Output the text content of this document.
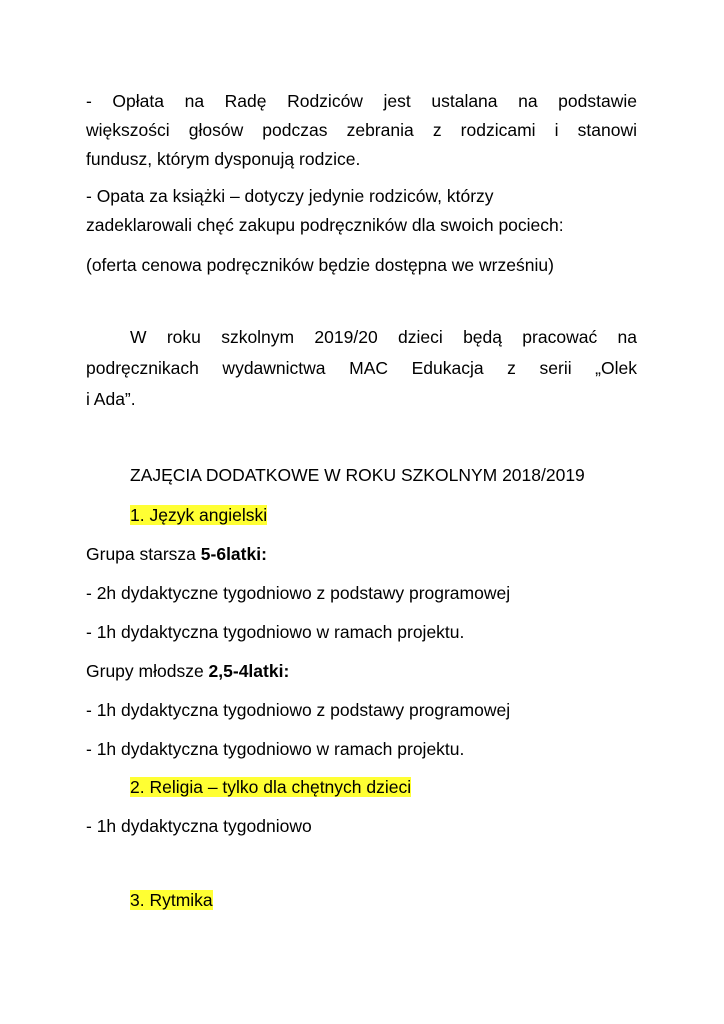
- Opłata na Radę Rodziców jest ustalana na podstawie
większości głosów podczas zebrania z rodzicami i stanowi
fundusz, którym dysponują rodzice.
- Opata za książki – dotyczy jedynie rodziców, którzy
zadeklarowali chęć zakupu podręczników dla swoich pociech:
(oferta cenowa podręczników będzie dostępna we wrześniu)
W roku szkolnym 2019/20 dzieci będą pracować na
podręcznikach wydawnictwa MAC Edukacja z serii „Olek
i Ada”.
ZAJĘCIA DODATKOWE W ROKU SZKOLNYM 2018/2019
1. Język angielski
Grupa starsza 5-6latki:
- 2h dydaktyczne tygodniowo z podstawy programowej
- 1h dydaktyczna tygodniowo w ramach projektu.
Grupy młodsze 2,5-4latki:
- 1h dydaktyczna tygodniowo z podstawy programowej
- 1h dydaktyczna tygodniowo w ramach projektu.
2. Religia – tylko dla chętnych dzieci
- 1h dydaktyczna tygodniowo
3. Rytmika
